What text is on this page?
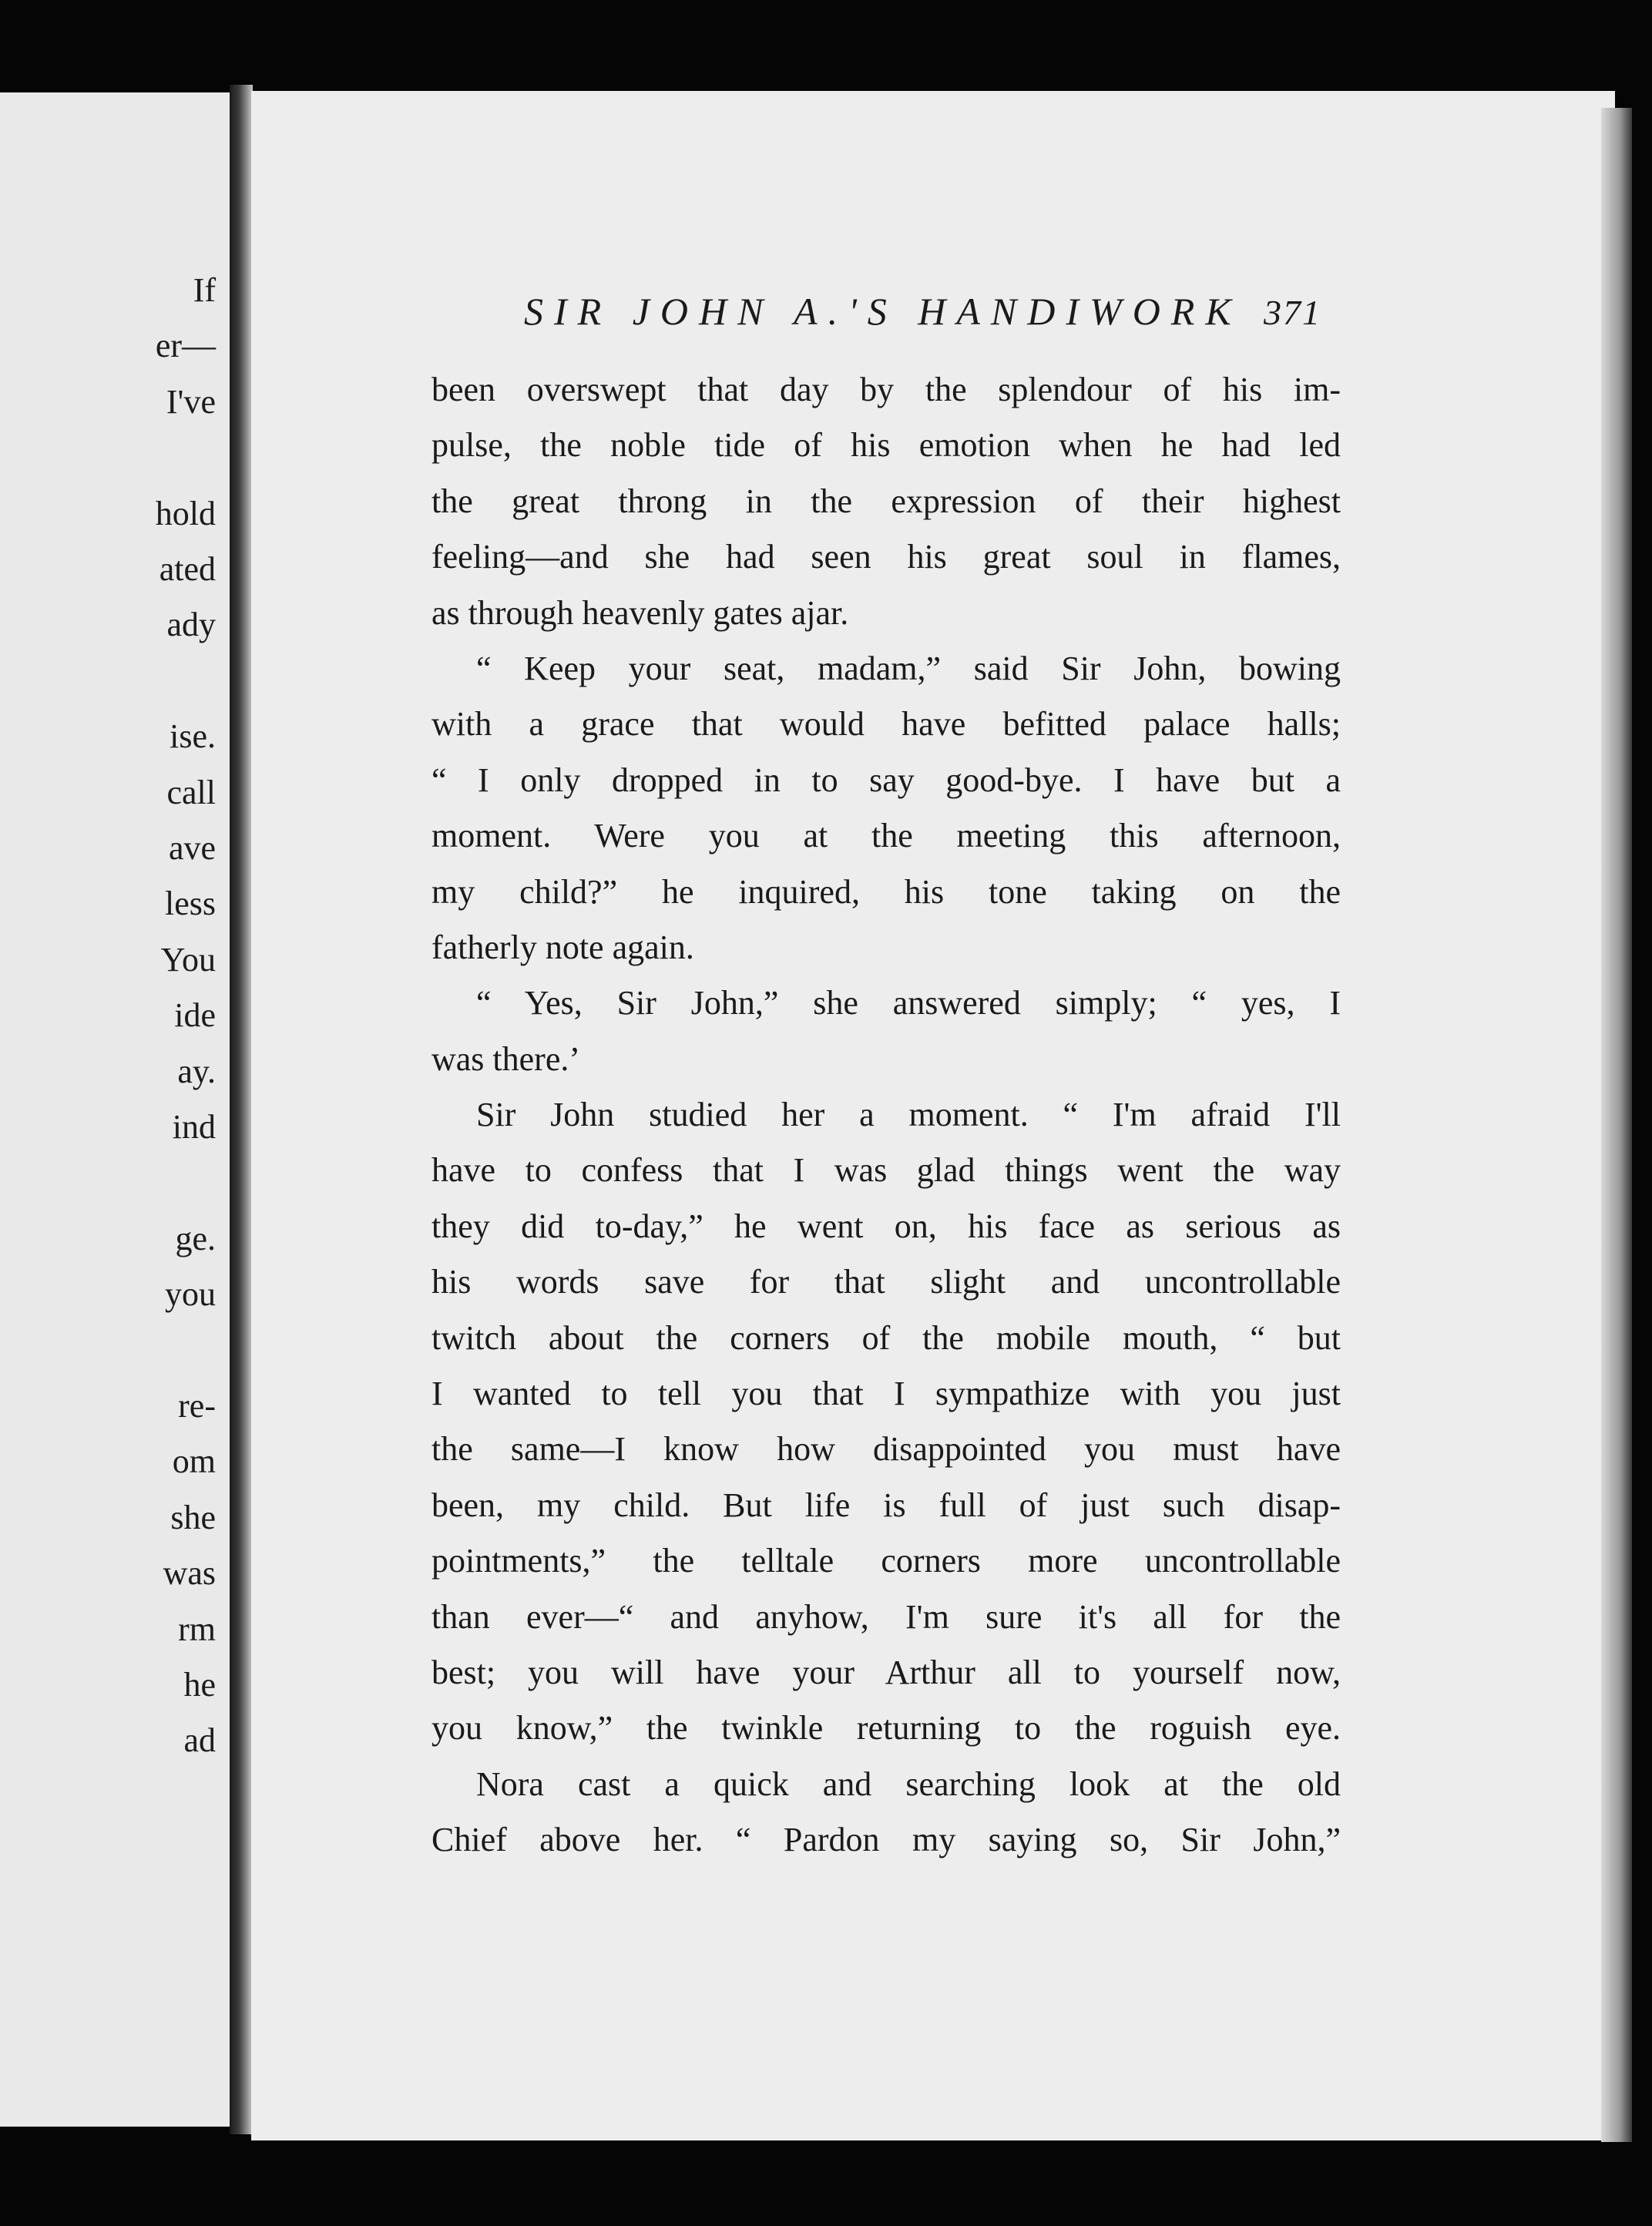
If
er—
I've
hold
ated
ady
ise.
call
ave
less
You
ide
ay.
ind
ge.
you
re-
om
she
was
rm
he
ad
SIR JOHN A.'S HANDIWORK 371
been overswept that day by the splendour of his im-
pulse, the noble tide of his emotion when he had led
the great throng in the expression of their highest
feeling—and she had seen his great soul in flames,
as through heavenly gates ajar.
“ Keep your seat, madam,” said Sir John, bowing
with a grace that would have befitted palace halls;
“ I only dropped in to say good-bye. I have but a
moment. Were you at the meeting this afternoon,
my child?” he inquired, his tone taking on the
fatherly note again.
“ Yes, Sir John,” she answered simply; “ yes, I
was there.’
Sir John studied her a moment. “ I'm afraid I'll
have to confess that I was glad things went the way
they did to-day,” he went on, his face as serious as
his words save for that slight and uncontrollable
twitch about the corners of the mobile mouth, “ but
I wanted to tell you that I sympathize with you just
the same—I know how disappointed you must have
been, my child. But life is full of just such disap-
pointments,” the telltale corners more uncontrollable
than ever—“ and anyhow, I'm sure it's all for the
best; you will have your Arthur all to yourself now,
you know,” the twinkle returning to the roguish eye.
Nora cast a quick and searching look at the old
Chief above her. “ Pardon my saying so, Sir John,”
